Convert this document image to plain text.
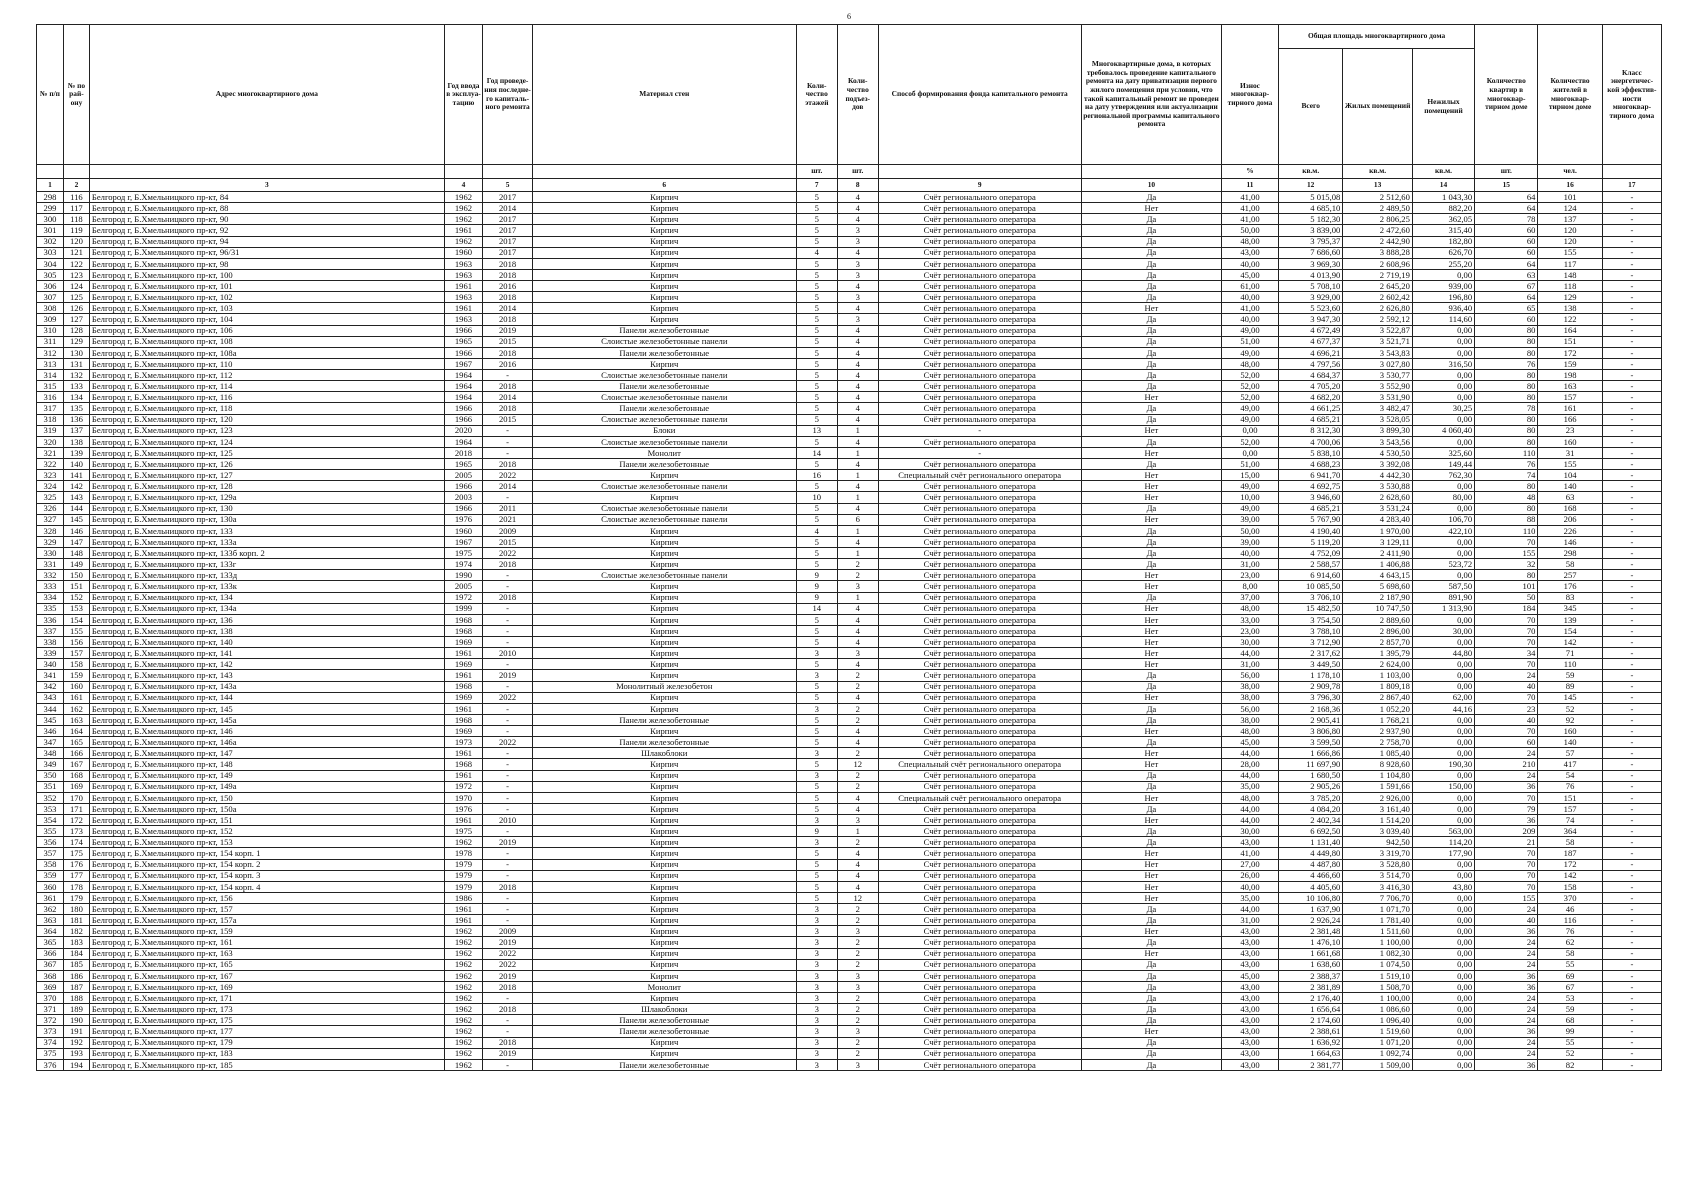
6
№ п/п	№ по рай- ону	Адрес многоквартирного дома	Год ввода в эксплуа- тацию	Год проведе- ния последне- го капиталь- ного ремонта	Материал стен	Коли- чество этажей	Коли- чество подъез- дов	Способ формирования фонда капитального ремонта	Многоквартирные дома, в которых требовалось проведение капитального ремонта на дату приватизации первого жилого помещения при условии, что такой капитальный ремонт не проведен на дату утверждения или актуализации региональной программы капитального ремонта	Износ многоквар- тирного дома	Общая площадь многоквартирного дома			Количество квартир в многоквар- тирном доме	Количество жителей в многоквар- тирном доме	Класс энергетичес- кой эффектив- ности многоквар- тирного дома
											Всего	Жилых помещений	Нежилых помещений			
						шт.	шт.			%	кв.м.	кв.м.	кв.м.	шт.	чел.	
1	2	3	4	5	6	7	8	9	10	11	12	13	14	15	16	17
298	116	Белгород г, Б.Хмельницкого пр-кт, 84	1962	2017	Кирпич	5	4	Счёт регионального оператора	Да	41,00	5 015,08	2 512,60	1 043,30	64	101	-
299	117	Белгород г, Б.Хмельницкого пр-кт, 88	1962	2014	Кирпич	5	4	Счёт регионального оператора	Нет	41,00	4 685,10	2 489,50	882,20	64	124	-
300	118	Белгород г, Б.Хмельницкого пр-кт, 90	1962	2017	Кирпич	5	4	Счёт регионального оператора	Да	41,00	5 182,30	2 806,25	362,05	78	137	-
301	119	Белгород г, Б.Хмельницкого пр-кт, 92	1961	2017	Кирпич	5	3	Счёт регионального оператора	Да	50,00	3 839,00	2 472,60	315,40	60	120	-
302	120	Белгород г, Б.Хмельницкого пр-кт, 94	1962	2017	Кирпич	5	3	Счёт регионального оператора	Да	48,00	3 795,37	2 442,90	182,80	60	120	-
303	121	Белгород г, Б.Хмельницкого пр-кт, 96/31	1960	2017	Кирпич	4	4	Счёт регионального оператора	Да	43,00	7 686,60	3 888,28	626,70	60	155	-
304	122	Белгород г, Б.Хмельницкого пр-кт, 98	1963	2018	Кирпич	5	3	Счёт регионального оператора	Да	40,00	3 969,30	2 608,96	255,20	64	117	-
305	123	Белгород г, Б.Хмельницкого пр-кт, 100	1963	2018	Кирпич	5	3	Счёт регионального оператора	Да	45,00	4 013,90	2 719,19	0,00	63	148	-
306	124	Белгород г, Б.Хмельницкого пр-кт, 101	1961	2016	Кирпич	5	4	Счёт регионального оператора	Да	61,00	5 708,10	2 645,20	939,00	67	118	-
307	125	Белгород г, Б.Хмельницкого пр-кт, 102	1963	2018	Кирпич	5	3	Счёт регионального оператора	Да	40,00	3 929,00	2 602,42	196,80	64	129	-
308	126	Белгород г, Б.Хмельницкого пр-кт, 103	1961	2014	Кирпич	5	4	Счёт регионального оператора	Нет	41,00	5 523,60	2 626,80	936,40	65	138	-
309	127	Белгород г, Б.Хмельницкого пр-кт, 104	1963	2018	Кирпич	5	3	Счёт регионального оператора	Да	40,00	3 947,30	2 592,12	114,60	60	122	-
310	128	Белгород г, Б.Хмельницкого пр-кт, 106	1966	2019	Панели железобетонные	5	4	Счёт регионального оператора	Да	49,00	4 672,49	3 522,87	0,00	80	164	-
311	129	Белгород г, Б.Хмельницкого пр-кт, 108	1965	2015	Слоистые железобетонные панели	5	4	Счёт регионального оператора	Да	51,00	4 677,37	3 521,71	0,00	80	151	-
312	130	Белгород г, Б.Хмельницкого пр-кт, 108а	1966	2018	Панели железобетонные	5	4	Счёт регионального оператора	Да	49,00	4 696,21	3 543,83	0,00	80	172	-
313	131	Белгород г, Б.Хмельницкого пр-кт, 110	1967	2016	Кирпич	5	4	Счёт регионального оператора	Да	48,00	4 797,56	3 027,80	316,50	76	159	-
314	132	Белгород г, Б.Хмельницкого пр-кт, 112	1964	-	Слоистые железобетонные панели	5	4	Счёт регионального оператора	Да	52,00	4 684,37	3 530,77	0,00	80	198	-
315	133	Белгород г, Б.Хмельницкого пр-кт, 114	1964	2018	Панели железобетонные	5	4	Счёт регионального оператора	Да	52,00	4 705,20	3 552,90	0,00	80	163	-
316	134	Белгород г, Б.Хмельницкого пр-кт, 116	1964	2014	Слоистые железобетонные панели	5	4	Счёт регионального оператора	Нет	52,00	4 682,20	3 531,90	0,00	80	157	-
317	135	Белгород г, Б.Хмельницкого пр-кт, 118	1966	2018	Панели железобетонные	5	4	Счёт регионального оператора	Да	49,00	4 661,25	3 482,47	30,25	78	161	-
318	136	Белгород г, Б.Хмельницкого пр-кт, 120	1966	2015	Слоистые железобетонные панели	5	4	Счёт регионального оператора	Да	49,00	4 685,21	3 528,05	0,00	80	166	-
319	137	Белгород г, Б.Хмельницкого пр-кт, 123	2020	-	Блоки	13	1	-	Нет	0,00	8 312,30	3 899,30	4 060,40	80	23	-
320	138	Белгород г, Б.Хмельницкого пр-кт, 124	1964	-	Слоистые железобетонные панели	5	4	Счёт регионального оператора	Да	52,00	4 700,06	3 543,56	0,00	80	160	-
321	139	Белгород г, Б.Хмельницкого пр-кт, 125	2018	-	Монолит	14	1	-	Нет	0,00	5 838,10	4 530,50	325,60	110	31	-
322	140	Белгород г, Б.Хмельницкого пр-кт, 126	1965	2018	Панели железобетонные	5	4	Счёт регионального оператора	Да	51,00	4 688,23	3 392,08	149,44	76	155	-
323	141	Белгород г, Б.Хмельницкого пр-кт, 127	2005	2022	Кирпич	16	1	Специальный счёт регионального оператора	Нет	15,00	6 941,70	4 442,30	762,30	74	104	-
324	142	Белгород г, Б.Хмельницкого пр-кт, 128	1966	2014	Слоистые железобетонные панели	5	4	Счёт регионального оператора	Нет	49,00	4 692,75	3 530,88	0,00	80	140	-
325	143	Белгород г, Б.Хмельницкого пр-кт, 129а	2003	-	Кирпич	10	1	Счёт регионального оператора	Нет	10,00	3 946,60	2 628,60	80,00	48	63	-
326	144	Белгород г, Б.Хмельницкого пр-кт, 130	1966	2011	Слоистые железобетонные панели	5	4	Счёт регионального оператора	Да	49,00	4 685,21	3 531,24	0,00	80	168	-
327	145	Белгород г, Б.Хмельницкого пр-кт, 130а	1976	2021	Слоистые железобетонные панели	5	6	Счёт регионального оператора	Нет	39,00	5 767,90	4 283,40	106,70	88	206	-
328	146	Белгород г, Б.Хмельницкого пр-кт, 133	1960	2009	Кирпич	4	1	Счёт регионального оператора	Да	50,00	4 190,40	1 970,00	422,10	110	226	-
329	147	Белгород г, Б.Хмельницкого пр-кт, 133а	1967	2015	Кирпич	5	4	Счёт регионального оператора	Да	39,00	5 119,20	3 129,11	0,00	70	146	-
330	148	Белгород г, Б.Хмельницкого пр-кт, 133б корп. 2	1975	2022	Кирпич	5	1	Счёт регионального оператора	Да	40,00	4 752,09	2 411,90	0,00	155	298	-
331	149	Белгород г, Б.Хмельницкого пр-кт, 133г	1974	2018	Кирпич	5	2	Счёт регионального оператора	Да	31,00	2 588,57	1 406,88	523,72	32	58	-
332	150	Белгород г, Б.Хмельницкого пр-кт, 133д	1990	-	Слоистые железобетонные панели	9	2	Счёт регионального оператора	Нет	23,00	6 914,60	4 643,15	0,00	80	257	-
333	151	Белгород г, Б.Хмельницкого пр-кт, 133к	2005	-	Кирпич	9	3	Счёт регионального оператора	Нет	8,00	10 085,50	5 698,60	587,50	101	176	-
334	152	Белгород г, Б.Хмельницкого пр-кт, 134	1972	2018	Кирпич	9	1	Счёт регионального оператора	Да	37,00	3 706,10	2 187,90	891,90	50	83	-
335	153	Белгород г, Б.Хмельницкого пр-кт, 134а	1999	-	Кирпич	14	4	Счёт регионального оператора	Нет	48,00	15 482,50	10 747,50	1 313,90	184	345	-
336	154	Белгород г, Б.Хмельницкого пр-кт, 136	1968	-	Кирпич	5	4	Счёт регионального оператора	Нет	33,00	3 754,50	2 889,60	0,00	70	139	-
337	155	Белгород г, Б.Хмельницкого пр-кт, 138	1968	-	Кирпич	5	4	Счёт регионального оператора	Нет	23,00	3 788,10	2 896,00	30,00	70	154	-
338	156	Белгород г, Б.Хмельницкого пр-кт, 140	1969	-	Кирпич	5	4	Счёт регионального оператора	Нет	30,00	3 712,90	2 857,70	0,00	70	142	-
339	157	Белгород г, Б.Хмельницкого пр-кт, 141	1961	2010	Кирпич	3	3	Счёт регионального оператора	Нет	44,00	2 317,62	1 395,79	44,80	34	71	-
340	158	Белгород г, Б.Хмельницкого пр-кт, 142	1969	-	Кирпич	5	4	Счёт регионального оператора	Нет	31,00	3 449,50	2 624,00	0,00	70	110	-
341	159	Белгород г, Б.Хмельницкого пр-кт, 143	1961	2019	Кирпич	3	2	Счёт регионального оператора	Да	56,00	1 178,10	1 103,00	0,00	24	59	-
342	160	Белгород г, Б.Хмельницкого пр-кт, 143а	1968	-	Монолитный железобетон	5	2	Счёт регионального оператора	Да	38,00	2 909,78	1 809,18	0,00	40	89	-
343	161	Белгород г, Б.Хмельницкого пр-кт, 144	1969	2022	Кирпич	5	4	Счёт регионального оператора	Нет	38,00	3 796,30	2 867,40	62,00	70	145	-
344	162	Белгород г, Б.Хмельницкого пр-кт, 145	1961	-	Кирпич	3	2	Счёт регионального оператора	Да	56,00	2 168,36	1 052,20	44,16	23	52	-
345	163	Белгород г, Б.Хмельницкого пр-кт, 145а	1968	-	Панели железобетонные	5	2	Счёт регионального оператора	Да	38,00	2 905,41	1 768,21	0,00	40	92	-
346	164	Белгород г, Б.Хмельницкого пр-кт, 146	1969	-	Кирпич	5	4	Счёт регионального оператора	Нет	48,00	3 806,80	2 937,90	0,00	70	160	-
347	165	Белгород г, Б.Хмельницкого пр-кт, 146а	1973	2022	Панели железобетонные	5	4	Счёт регионального оператора	Да	45,00	3 599,50	2 758,70	0,00	60	140	-
348	166	Белгород г, Б.Хмельницкого пр-кт, 147	1961	-	Шлакоблоки	3	2	Счёт регионального оператора	Нет	44,00	1 666,86	1 085,40	0,00	24	57	-
349	167	Белгород г, Б.Хмельницкого пр-кт, 148	1968	-	Кирпич	5	12	Специальный счёт регионального оператора	Нет	28,00	11 697,90	8 928,60	190,30	210	417	-
350	168	Белгород г, Б.Хмельницкого пр-кт, 149	1961	-	Кирпич	3	2	Счёт регионального оператора	Да	44,00	1 680,50	1 104,80	0,00	24	54	-
351	169	Белгород г, Б.Хмельницкого пр-кт, 149а	1972	-	Кирпич	5	2	Счёт регионального оператора	Да	35,00	2 905,26	1 591,66	150,00	36	76	-
352	170	Белгород г, Б.Хмельницкого пр-кт, 150	1970	-	Кирпич	5	4	Специальный счёт регионального оператора	Нет	48,00	3 785,20	2 926,00	0,00	70	151	-
353	171	Белгород г, Б.Хмельницкого пр-кт, 150а	1976	-	Кирпич	5	4	Счёт регионального оператора	Да	44,00	4 084,20	3 161,40	0,00	79	157	-
354	172	Белгород г, Б.Хмельницкого пр-кт, 151	1961	2010	Кирпич	3	3	Счёт регионального оператора	Нет	44,00	2 402,34	1 514,20	0,00	36	74	-
355	173	Белгород г, Б.Хмельницкого пр-кт, 152	1975	-	Кирпич	9	1	Счёт регионального оператора	Да	30,00	6 692,50	3 039,40	563,00	209	364	-
356	174	Белгород г, Б.Хмельницкого пр-кт, 153	1962	2019	Кирпич	3	2	Счёт регионального оператора	Да	43,00	1 131,40	942,50	114,20	21	58	-
357	175	Белгород г, Б.Хмельницкого пр-кт, 154 корп. 1	1978	-	Кирпич	5	4	Счёт регионального оператора	Нет	41,00	4 449,80	3 319,70	177,90	70	187	-
358	176	Белгород г, Б.Хмельницкого пр-кт, 154 корп. 2	1979	-	Кирпич	5	4	Счёт регионального оператора	Нет	27,00	4 487,80	3 528,80	0,00	70	172	-
359	177	Белгород г, Б.Хмельницкого пр-кт, 154 корп. 3	1979	-	Кирпич	5	4	Счёт регионального оператора	Нет	26,00	4 466,60	3 514,70	0,00	70	142	-
360	178	Белгород г, Б.Хмельницкого пр-кт, 154 корп. 4	1979	2018	Кирпич	5	4	Счёт регионального оператора	Нет	40,00	4 405,60	3 416,30	43,80	70	158	-
361	179	Белгород г, Б.Хмельницкого пр-кт, 156	1986	-	Кирпич	5	12	Счёт регионального оператора	Нет	35,00	10 106,80	7 706,70	0,00	155	370	-
362	180	Белгород г, Б.Хмельницкого пр-кт, 157	1961	-	Кирпич	3	2	Счёт регионального оператора	Да	44,00	1 637,90	1 071,70	0,00	24	46	-
363	181	Белгород г, Б.Хмельницкого пр-кт, 157а	1961	-	Кирпич	3	2	Счёт регионального оператора	Да	31,00	2 926,24	1 781,40	0,00	40	116	-
364	182	Белгород г, Б.Хмельницкого пр-кт, 159	1962	2009	Кирпич	3	3	Счёт регионального оператора	Нет	43,00	2 381,48	1 511,60	0,00	36	76	-
365	183	Белгород г, Б.Хмельницкого пр-кт, 161	1962	2019	Кирпич	3	2	Счёт регионального оператора	Да	43,00	1 476,10	1 100,00	0,00	24	62	-
366	184	Белгород г, Б.Хмельницкого пр-кт, 163	1962	2022	Кирпич	3	2	Счёт регионального оператора	Нет	43,00	1 661,68	1 082,30	0,00	24	58	-
367	185	Белгород г, Б.Хмельницкого пр-кт, 165	1962	2022	Кирпич	3	2	Счёт регионального оператора	Да	43,00	1 638,60	1 074,50	0,00	24	55	-
368	186	Белгород г, Б.Хмельницкого пр-кт, 167	1962	2019	Кирпич	3	3	Счёт регионального оператора	Да	45,00	2 388,37	1 519,10	0,00	36	69	-
369	187	Белгород г, Б.Хмельницкого пр-кт, 169	1962	2018	Монолит	3	3	Счёт регионального оператора	Да	43,00	2 381,89	1 508,70	0,00	36	67	-
370	188	Белгород г, Б.Хмельницкого пр-кт, 171	1962	-	Кирпич	3	2	Счёт регионального оператора	Да	43,00	2 176,40	1 100,00	0,00	24	53	-
371	189	Белгород г, Б.Хмельницкого пр-кт, 173	1962	2018	Шлакоблоки	3	2	Счёт регионального оператора	Да	43,00	1 656,64	1 086,60	0,00	24	59	-
372	190	Белгород г, Б.Хмельницкого пр-кт, 175	1962	-	Панели железобетонные	3	2	Счёт регионального оператора	Да	43,00	2 174,60	1 096,40	0,00	24	68	-
373	191	Белгород г, Б.Хмельницкого пр-кт, 177	1962	-	Панели железобетонные	3	3	Счёт регионального оператора	Нет	43,00	2 388,61	1 519,60	0,00	36	99	-
374	192	Белгород г, Б.Хмельницкого пр-кт, 179	1962	2018	Кирпич	3	2	Счёт регионального оператора	Да	43,00	1 636,92	1 071,20	0,00	24	55	-
375	193	Белгород г, Б.Хмельницкого пр-кт, 183	1962	2019	Кирпич	3	2	Счёт регионального оператора	Да	43,00	1 664,63	1 092,74	0,00	24	52	-
376	194	Белгород г, Б.Хмельницкого пр-кт, 185	1962	-	Панели железобетонные	3	3	Счёт регионального оператора	Да	43,00	2 381,77	1 509,00	0,00	36	82	-
